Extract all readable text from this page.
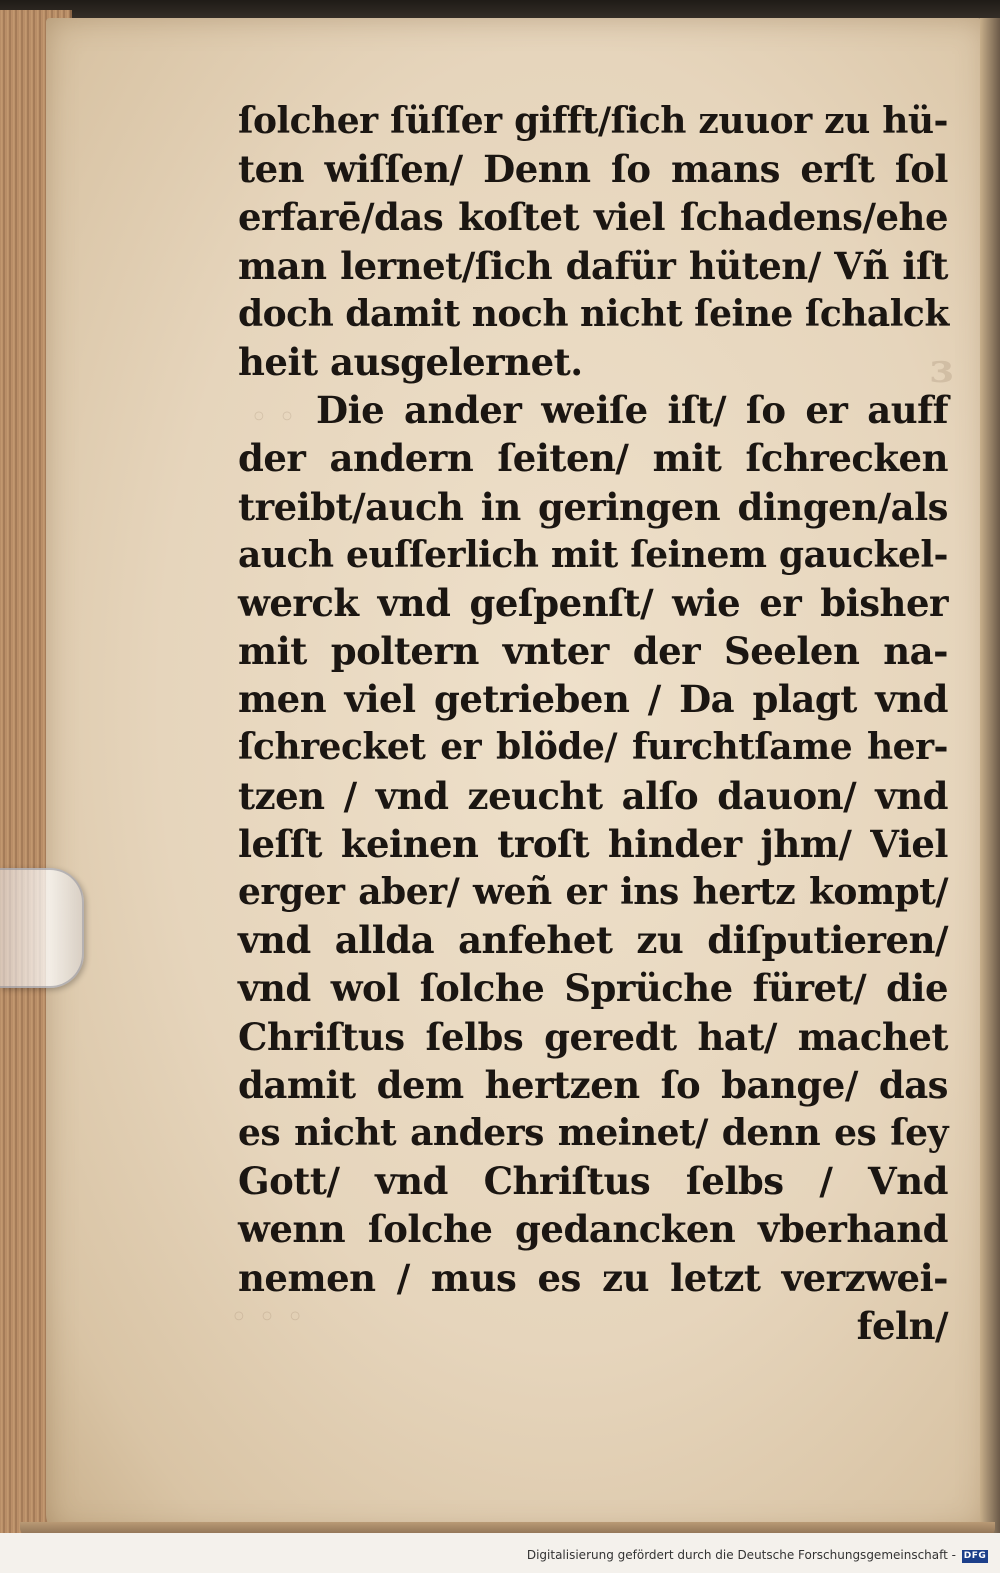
ɜ
◦ ◦
◦ ◦ ◦
ſolcher ſüſſer gifft/ſich zuuor zu hü-
ten wiſſen/ Denn ſo mans erſt ſol
erfarē/das koſtet viel ſchadens/ehe
man lernet/ſich dafür hüten/ Vñ iſt
doch damit noch nicht ſeine ſchalck
heit ausgelernet.
Die ander weiſe iſt/ ſo er auff
der andern ſeiten/ mit ſchrecken
treibt/auch in geringen dingen/als
auch euſſerlich mit ſeinem gauckel-
werck vnd geſpenſt/ wie er bisher
mit poltern vnter der Seelen na-
men viel getrieben / Da plagt vnd
ſchrecket er blöde/ furchtſame her-
tzen / vnd zeucht alſo dauon/ vnd
leſſt keinen troſt hinder jhm/ Viel
erger aber/ weñ er ins hertz kompt/
vnd allda anfehet zu diſputieren/
vnd wol ſolche Sprüche füret/ die
Chriſtus ſelbs geredt hat/ machet
damit dem hertzen ſo bange/ das
es nicht anders meinet/ denn es ſey
Gott/ vnd Chriſtus ſelbs / Vnd
wenn ſolche gedancken vberhand
nemen / mus es zu letzt verzwei-
feln/
Digitalisierung gefördert durch die Deutsche Forschungsgemeinschaft - DFG
